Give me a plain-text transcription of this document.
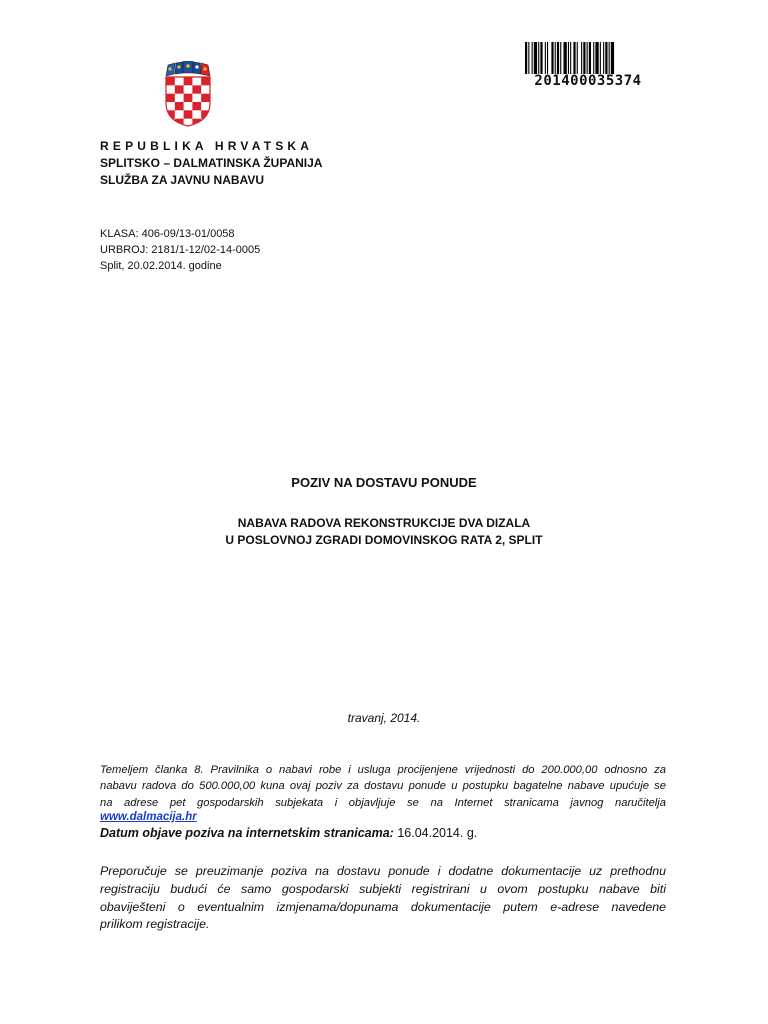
201400035374
REPUBLIKA HRVATSKA
SPLITSKO – DALMATINSKA ŽUPANIJA
SLUŽBA ZA JAVNU NABAVU
KLASA: 406-09/13-01/0058
URBROJ: 2181/1-12/02-14-0005
Split, 20.02.2014. godine
POZIV NA DOSTAVU PONUDE
NABAVA RADOVA REKONSTRUKCIJE DVA DIZALA
U POSLOVNOJ ZGRADI DOMOVINSKOG RATA 2, SPLIT
travanj, 2014.
Temeljem članka 8. Pravilnika o nabavi robe i usluga procijenjene vrijednosti do 200.000,00 odnosno za
nabavu radova do 500.000,00 kuna ovaj poziv za dostavu ponude u postupku bagatelne nabave upućuje se
na adrese pet gospodarskih subjekata i objavljuje se na Internet stranicama javnog naručitelja
www.dalmacija.hr
Datum objave poziva na internetskim stranicama: 16.04.2014. g.
Preporučuje se preuzimanje poziva na dostavu ponude i dodatne dokumentacije uz prethodnu
registraciju budući će samo gospodarski subjekti registrirani u ovom postupku nabave biti
obaviješteni o eventualnim izmjenama/dopunama dokumentacije putem e-adrese navedene
prilikom registracije.
